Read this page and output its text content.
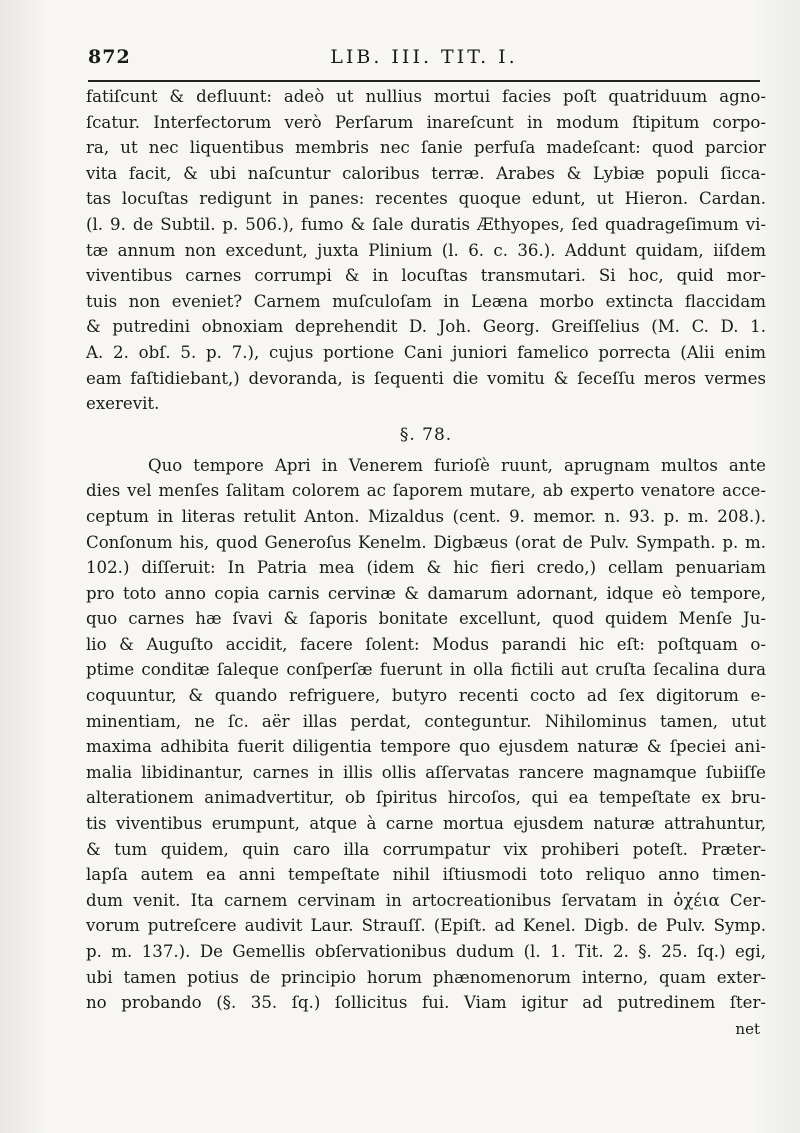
872	LIB. III. TIT. I.
fatiſcunt & defluunt: adeò ut nullius mortui facies poſt quatriduum agno-
ſcatur. Interfectorum verò Perſarum inareſcunt in modum ſtipitum corpo-
ra, ut nec liquentibus membris nec ſanie perfuſa madeſcant: quod parcior
vita facit, & ubi naſcuntur caloribus terræ. Arabes & Lybiæ populi ſicca-
tas locuſtas redigunt in panes: recentes quoque edunt, ut Hieron. Cardan.
(l. 9. de Subtil. p. 506.), fumo & ſale duratis Æthyopes, ſed quadrageſimum vi-
tæ annum non excedunt, juxta Plinium (l. 6. c. 36.). Addunt quidam, iiſdem
viventibus carnes corrumpi & in locuſtas transmutari. Si hoc, quid mor-
tuis non eveniet? Carnem muſculoſam in Leæna morbo extincta flaccidam
& putredini obnoxiam deprehendit D. Joh. Georg. Greiſſelius (M. C. D. 1.
A. 2. obſ. 5. p. 7.), cujus portione Cani juniori famelico porrecta (Alii enim
eam faſtidiebant,) devoranda, is ſequenti die vomitu & ſeceſſu meros vermes
exerevit.
§. 78.
Quo tempore Apri in Venerem furioſè ruunt, aprugnam multos ante
dies vel menſes ſalitam colorem ac ſaporem mutare, ab experto venatore acce-
ceptum in literas retulit Anton. Mizaldus (cent. 9. memor. n. 93. p. m. 208.).
Conſonum his, quod Generoſus Kenelm. Digbæus (orat de Pulv. Sympath. p. m.
102.) diſſeruit: In Patria mea (idem & hic fieri credo,) cellam penuariam
pro toto anno copia carnis cervinæ & damarum adornant, idque eò tempore,
quo carnes hæ ſvavi & ſaporis bonitate excellunt, quod quidem Menſe Ju-
lio & Auguſto accidit, facere ſolent: Modus parandi hic eſt: poſtquam o-
ptime conditæ ſaleque conſperſæ fuerunt in olla fictili aut cruſta ſecalina dura
coquuntur, & quando refriguere, butyro recenti cocto ad ſex digitorum e-
minentiam, ne ſc. aër illas perdat, conteguntur. Nihilominus tamen, utut
maxima adhibita fuerit diligentia tempore quo ejusdem naturæ & ſpeciei ani-
malia libidinantur, carnes in illis ollis aſſervatas rancere magnamque ſubiiſſe
alterationem animadvertitur, ob ſpiritus hircoſos, qui ea tempeſtate ex bru-
tis viventibus erumpunt, atque à carne mortua ejusdem naturæ attrahuntur,
& tum quidem, quin caro illa corrumpatur vix prohiberi poteſt. Præter-
lapſa autem ea anni tempeſtate nihil iſtiusmodi toto reliquo anno timen-
dum venit. Ita carnem cervinam in artocreationibus ſervatam in ὀχέια Cer-
vorum putreſcere audivit Laur. Strauſſ. (Epiſt. ad Kenel. Digb. de Pulv. Symp.
p. m. 137.). De Gemellis obſervationibus dudum (l. 1. Tit. 2. §. 25. ſq.) egi,
ubi tamen potius de principio horum phænomenorum interno, quam exter-
no probando (§. 35. ſq.) ſollicitus fui. Viam igitur ad putredinem ſter-
net
